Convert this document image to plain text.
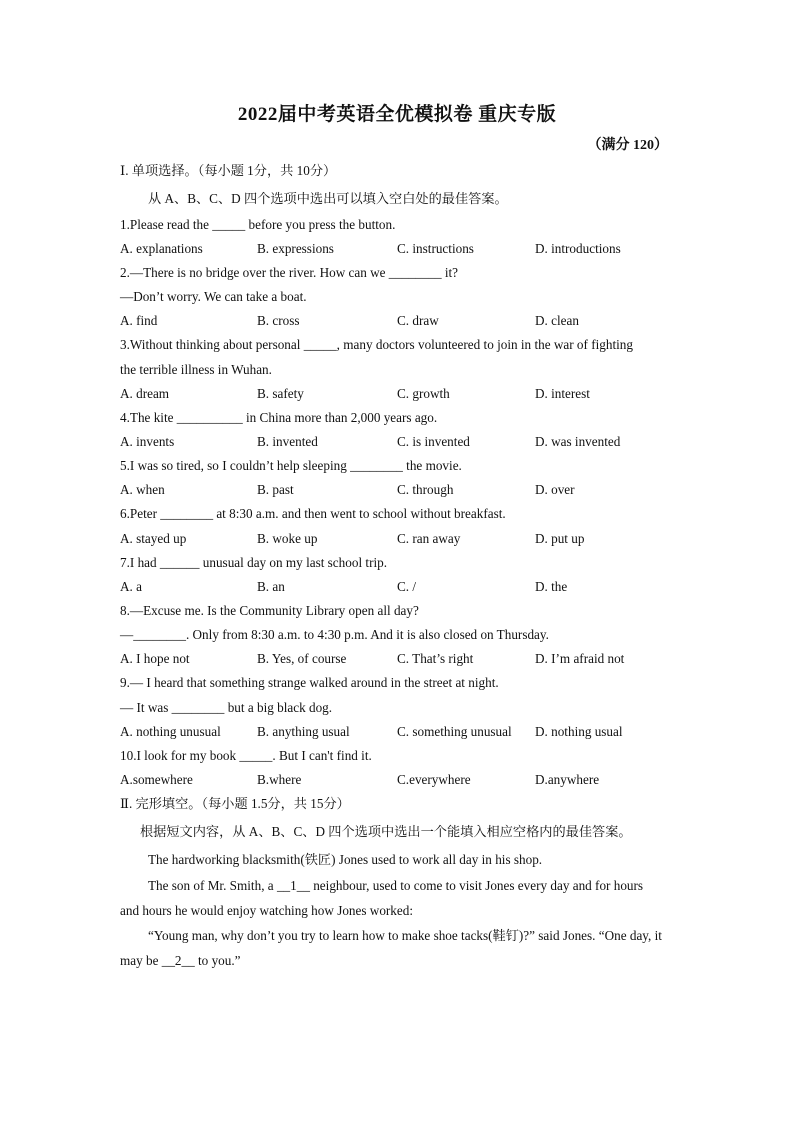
2022届中考英语全优模拟卷 重庆专版
（满分 120）
Ⅰ. 单项选择。（每小题 1分，共 10分）
从 A、B、C、D 四个选项中选出可以填入空白处的最佳答案。
1.Please read the _____ before you press the button.
A. explanations	B. expressions	C. instructions	D. introductions
2.—There is no bridge over the river. How can we ________ it?
—Don’t worry. We can take a boat.
A. find	B. cross	C. draw	D. clean
3.Without thinking about personal _____, many doctors volunteered to join in the war of fighting
the terrible illness in Wuhan.
A. dream	B. safety	C. growth	D. interest
4.The kite __________ in China more than 2,000 years ago.
A. invents	B. invented	C. is invented	D. was invented
5.I was so tired, so I couldn’t help sleeping ________ the movie.
A. when	B. past	C. through	D. over
6.Peter ________ at 8:30 a.m. and then went to school without breakfast.
A. stayed up	B. woke up	C. ran away	D. put up
7.I had ______ unusual day on my last school trip.
A. a	B. an	C. /	D. the
8.—Excuse me. Is the Community Library open all day?
—________. Only from 8:30 a.m. to 4:30 p.m. And it is also closed on Thursday.
A. I hope not	B. Yes, of course	C. That’s right	D. I’m afraid not
9.— I heard that something strange walked around in the street at night.
— It was ________ but a big black dog.
A. nothing unusual	B. anything usual	C. something unusual D. nothing usual
10.I look for my book _____. But I can't find it.
A.somewhere	B.where	C.everywhere	D.anywhere
Ⅱ. 完形填空。（每小题 1.5分，共 15分）
根据短文内容，从 A、B、C、D 四个选项中选出一个能填入相应空格内的最佳答案。
The hardworking blacksmith(铁匠) Jones used to work all day in his shop.
The son of Mr. Smith, a __1__ neighbour, used to come to visit Jones every day and for hours and hours he would enjoy watching how Jones worked:
“Young man, why don’t you try to learn how to make shoe tacks(鞋钉)?” said Jones. “One day, it may be __2__ to you.”
